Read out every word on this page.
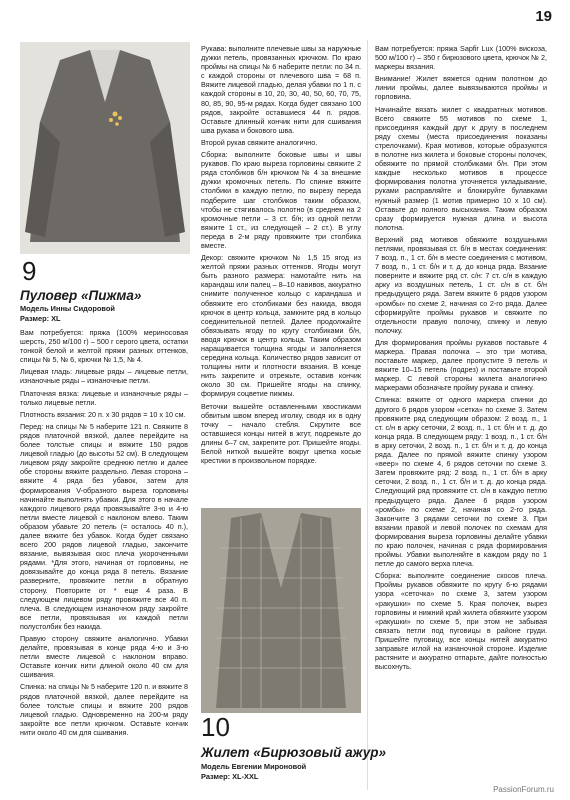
19
9
Пуловер «Пижма»
Модель Инны Сидоровой
Размер: XL

Вам потребуется: пряжа (100% мериносовая шерсть, 250 м/100 г) – 500 г серого цвета, остатки тонкой белой и желтой пряжи разных оттенков, спицы № 5, № 6, крючки № 1,5, № 4.

Лицевая гладь: лицевые ряды – лицевые петли, изнаночные ряды – изнаночные петли.

Платочная вязка: лицевые и изнаночные ряды – только лицевые петли.

Плотность вязания: 20 п. х 30 рядов = 10 х 10 см.

Перед: на спицы № 5 наберите 121 п. Свяжите 8 рядов платочной вязкой, далее перейдите на более толстые спицы и вяжите 150 рядов лицевой гладью (до высоты 52 см). В следующем лицевом ряду закройте среднюю петлю и далее обе стороны вяжите раздельно. Левая сторона – вяжите 4 ряда без убавок, затем для формирования V-образного выреза горловины начинайте выполнять убавки. Для этого в начале каждого лицевого ряда провязывайте 3-ю и 4-ю петли вместе лицевой с наклоном влево. Таким образом убавьте 20 петель (= осталось 40 п.), далее вяжите без убавок. Когда будет связано всего 200 рядов лицевой гладью, закончите вязание, вывязывая скос плеча укороченными рядами. *Для этого, начиная от горловины, не довязывайте до конца ряда 8 петель. Вязание разверните, провяжите петли в обратную сторону. Повторите от * еще 4 раза. В следующем лицевом ряду провяжите все 40 п. плеча. В следующем изнаночном ряду закройте все петли, провязывая их каждой петли полустолбик без накида.

Правую сторону свяжите аналогично. Убавки делайте, провязывая в конце ряда 4-ю и 3-ю петли вместе лицевой с наклоном вправо. Оставьте кончик нити длиной около 40 см для сшивания.

Спинка: на спицы № 5 наберите 120 п. и вяжите 8 рядов платочной вязкой, далее перейдите на более толстые спицы и вяжите 200 рядов лицевой гладью. Одновременно на 200-м ряду закройте все петли крючком. Оставьте кончик нити около 40 см для сшивания.

Рукава: выполните плечевые швы за наружные дужки петель, провязанных крючком. По краю проймы на спицы № 6 наберите петли: по 34 п. с каждой стороны от плечевого шва = 68 п. Вяжите лицевой гладью, делая убавки по 1 п. с каждой стороны в 10, 20, 30, 40, 50, 60, 70, 75, 80, 85, 90, 95-м рядах. Когда будет связано 100 рядов, закройте оставшиеся 44 п. рядов. Оставьте длинный кончик нити для сшивания шва рукава и бокового шва.

Второй рукав свяжите аналогично.

Сборка: выполните боковые швы и швы рукавов. По краю выреза горловины свяжите 2 ряда столбиков б/н крючком № 4 за внешние дужки кромочных петель. По спинке вяжите столбики в каждую петлю, по вырезу переда подберите шаг столбиков таким образом, чтобы не стягивалось полотно (в среднем на 2 кромочные петли – 3 ст. б/н; из одной петли вяжите 1 ст., из следующей – 2 ст.). В углу переда в 2-м ряду провяжите три столбика вместе.

Декор: свяжите крючком № 1,5 15 ягод из желтой пряжи разных оттенков. Ягоды могут быть разного размера: намотайте нить на карандаш или палец – 8–10 навивов, аккуратно снимите полученное кольцо с карандаша и обвяжите его столбиками без накида, вводя крючок в центр кольца, замкните ряд в кольцо соединительной петлей. Далее продолжайте обвязывать ягоду по кругу столбиками б/н, вводя крючок в центр кольца. Таким образом наращивается толщина ягоды и заполняется середина кольца. Количество рядов зависит от толщины нити и плотности вязания. В конце нить закрепите и отрежьте, оставив кончик около 30 см. Пришейте ягоды на спинку, формируя соцветие пижмы.

Веточки вышейте оставленными хвостиками обвитым швом вперед иголку, сводя их в одну точку – начало стебля. Скрутите все оставшиеся концы нитей в жгут, подрежьте до длины 6–7 см, закрепите рот. Пришейте ягоды. Белой ниткой вышейте вокруг цветка косые крестики в произвольном порядке.

10
Жилет «Бирюзовый ажур»
Модель Евгении Мироновой
Размер: XL-XXL

Вам потребуется: пряжа Sapfir Lux (100% вискоза, 500 м/100 г) – 350 г бирюзового цвета, крючок № 2, маркеры вязания.

Внимание! Жилет вяжется одним полотном до линии проймы, далее вывязываются проймы и горловина.

Начинайте вязать жилет с квадратных мотивов. Всего свяжите 55 мотивов по схеме 1, присоединяя каждый друг к другу в последнем ряду схемы (места присоединения показаны стрелочками). Края мотивов, которые образуются в полотне низ жилета и боковые стороны полочек, обвяжите по прямой столбиками б/н. При этом каждые несколько мотивов в процессе формирования полотна уточняется укладывание, руками расправляйте и блокируйте булавками нужный размер (1 мотив примерно 10 х 10 см). Оставьте до полного высыхания. Таким образом сразу формируется нужная длина и высота полотна.

Верхний ряд мотивов обвяжите воздушными петлями, провязывая ст. б/н в местах соединения: 7 возд. п., 1 ст. б/н в месте соединения с мотивом, 7 возд. п., 1 ст. б/н и т. д. до конца ряда. Вязание поверните и вяжите ряд ст. с/н: 7 ст. с/н в каждую арку из воздушных петель, 1 ст. с/н в ст. б/н предыдущего ряда. Затем вяжите 6 рядов узором «ромбы» по схеме 2, начиная со 2-го ряда. Далее сформируйте проймы рукавов и свяжите по отдельности правую полочку, спинку и левую полочку.

Для формирования проймы рукавов поставьте 4 маркера. Правая полочка – это три мотива, поставьте маркер, далее пропустите 9 петель и вяжите 10–15 петель (подрез) и поставьте второй маркер. С левой стороны жилета аналогично маркерами обозначьте пройму рукава и спинку.

Спинка: вяжите от одного маркера спинки до другого 6 рядов узором «сетка» по схеме 3. Затем провяжите ряд следующим образом: 2 возд. п., 1 ст. с/н в арку сеточки, 2 возд. п., 1 ст. б/н и т. д. до конца ряда. В следующем ряду: 1 возд. п., 1 ст. б/н в арку сеточки, 2 возд. п., 1 ст. б/н и т. д. до конца ряда. Далее по прямой вяжите спинку узором «веер» по схеме 4, 6 рядов сеточки по схеме 3. Затем провяжите ряд: 2 возд. п., 1 ст. б/н в арку сеточки, 2 возд. п., 1 ст. б/н и т. д. до конца ряда. Следующий ряд провяжите ст. с/н в каждую петлю предыдущего ряда. Далее 6 рядов узором «ромбы» по схеме 2, начиная со 2-го ряда. Закончите 3 рядами сеточки по схеме 3. При вязании правой и левой полочек по схемам для формирования выреза горловины делайте убавки по краю полочек, начиная с ряда формирования проймы. Убавки выполняйте в каждом ряду по 1 петле до самого верха плеча.

Сборка: выполните соединение скосов плеча. Проймы рукавов обвяжите по кругу 6-ю рядами узора «сеточка» по схеме 3, затем узором «ракушки» по схеме 5. Края полочек, вырез горловины и нижний край жилета обвяжите узором «ракушки» по схеме 5, при этом не забывая связать петли под пуговицы в районе груди. Пришейте пуговицу, все концы нитей аккуратно заправьте иглой на изнаночной стороне. Изделие растяните и аккуратно отпарьте, дайте полностью высохнуть.

PassionForum.ru
